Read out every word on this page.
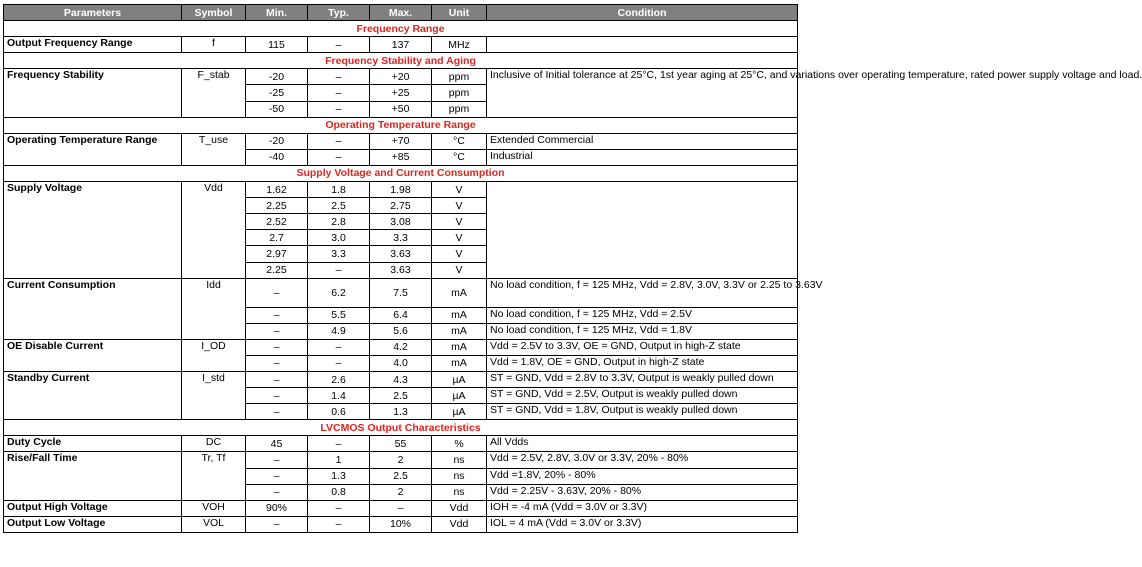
Parameters	Symbol	Min.	Typ.	Max.	Unit	Condition
Frequency Range						
Output Frequency Range	f	115	–	137	MHz	
Frequency Stability and Aging						
Frequency Stability	F_stab	-20	–	+20	ppm	Inclusive of Initial tolerance at 25°C, 1st year aging at 25°C, and variations over operating temperature, rated power supply voltage and load.
		-25	–	+25	ppm	
		-50	–	+50	ppm	
Operating Temperature Range						
Operating Temperature Range	T_use	-20	–	+70	°C	Extended Commercial
		-40	–	+85	°C	Industrial
Supply Voltage and Current Consumption						
Supply Voltage	Vdd	1.62	1.8	1.98	V	
		2.25	2.5	2.75	V	
		2.52	2.8	3.08	V	
		2.7	3.0	3.3	V	
		2.97	3.3	3.63	V	
		2.25	–	3.63	V	
Current Consumption	Idd	–	6.2	7.5	mA	No load condition, f = 125 MHz, Vdd = 2.8V, 3.0V, 3.3V or 2.25 to 3.63V
		–	5.5	6.4	mA	No load condition, f = 125 MHz, Vdd = 2.5V
		–	4.9	5.6	mA	No load condition, f = 125 MHz, Vdd = 1.8V
OE Disable Current	I_OD	–	–	4.2	mA	Vdd = 2.5V to 3.3V, OE = GND, Output in high-Z state
		–	–	4.0	mA	Vdd = 1.8V, OE = GND, Output in high-Z state
Standby Current	I_std	–	2.6	4.3	µA	$\overline{ST}$ = GND, Vdd = 2.8V to 3.3V, Output is weakly pulled down
		–	1.4	2.5	µA	$\overline{ST}$ = GND, Vdd = 2.5V, Output is weakly pulled down
		–	0.6	1.3	µA	$\overline{ST}$ = GND, Vdd = 1.8V, Output is weakly pulled down
LVCMOS Output Characteristics						
Duty Cycle	DC	45	–	55	%	All Vdds
Rise/Fall Time	Tr, Tf	–	1	2	ns	Vdd = 2.5V, 2.8V, 3.0V or 3.3V, 20% - 80%
		–	1.3	2.5	ns	Vdd =1.8V, 20% - 80%
		–	0.8	2	ns	Vdd = 2.25V - 3.63V, 20% - 80%
Output High Voltage	VOH	90%	–	–	Vdd	IOH = -4 mA (Vdd = 3.0V or 3.3V)
Output Low Voltage	VOL	–	–	10%	Vdd	IOL = 4 mA (Vdd = 3.0V or 3.3V)
